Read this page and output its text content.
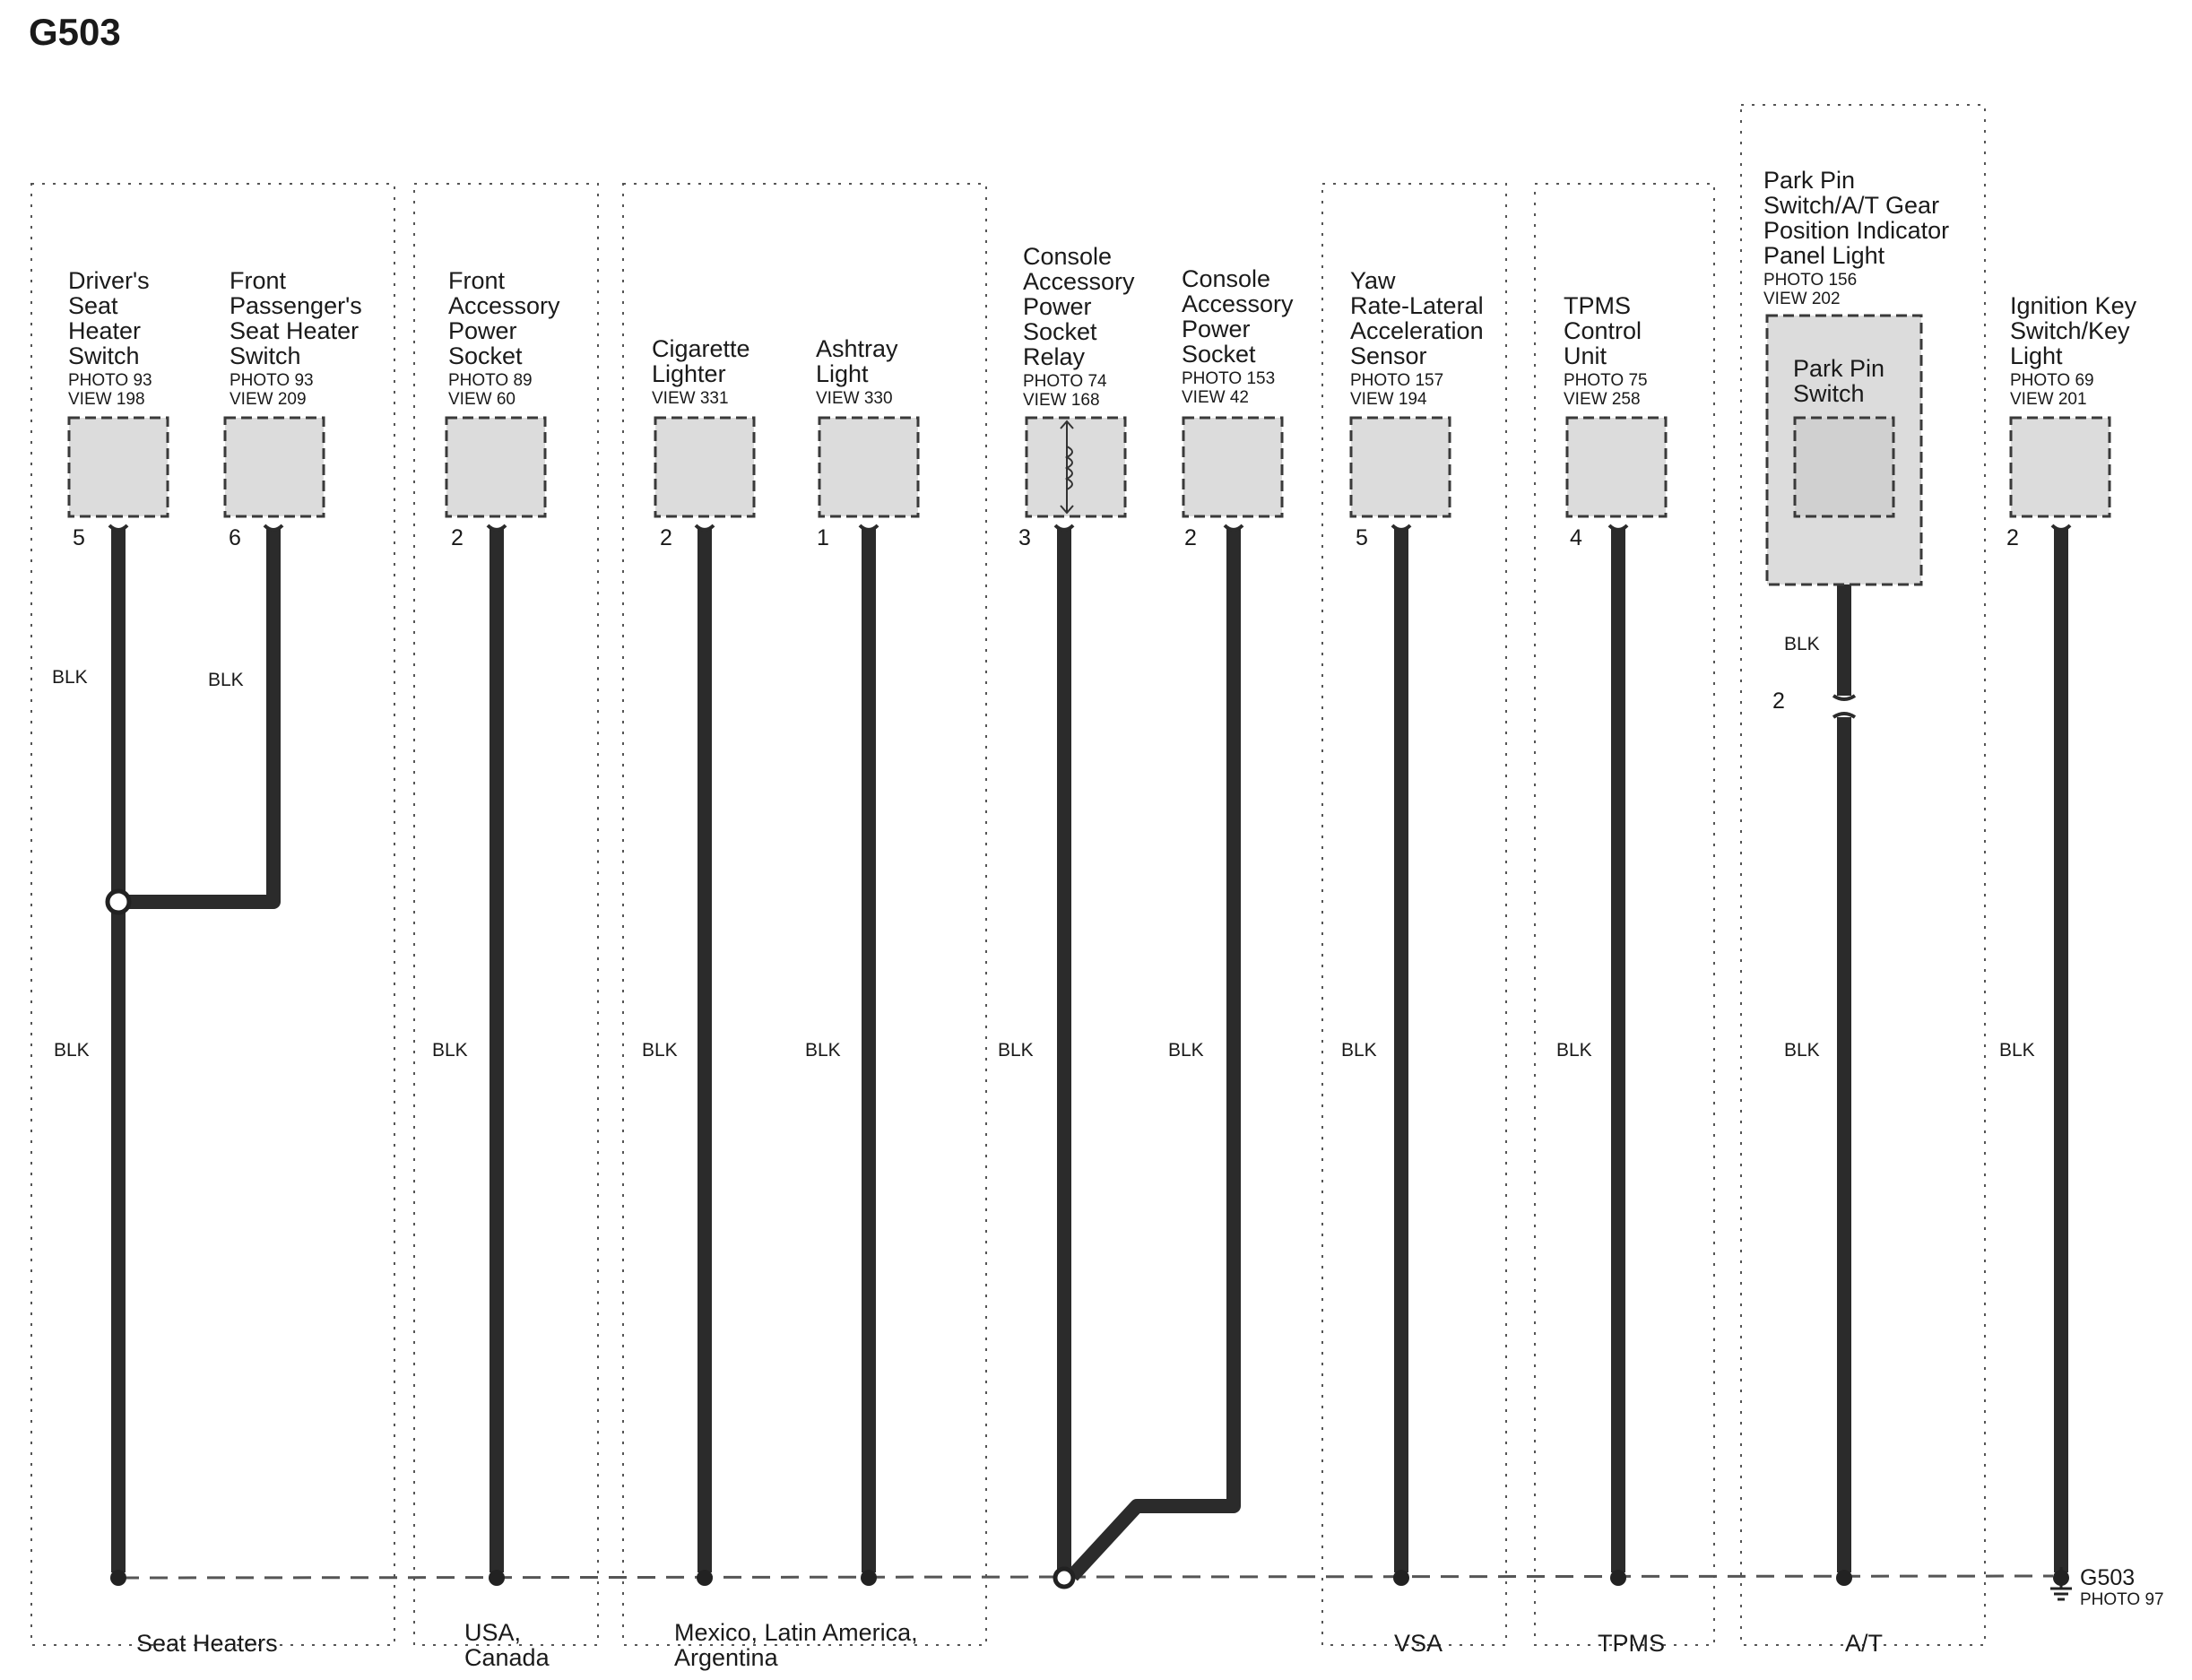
Seat Heaters	USA,
Canada
Mexico, Latin America,
Argentina
VSA	TPMS	A/T
Driver's
Seat
Heater
Switch
PHOTO 93
VIEW 198
5
BLK
BLK
Front
Passenger's
Seat Heater
Switch
PHOTO 93
VIEW 209
6
BLK
Front
Accessory
Power
Socket
PHOTO 89
VIEW 60
2
BLK
Cigarette
Lighter
VIEW 331
2
BLK
Ashtray
Light
VIEW 330
1
BLK
Console
Accessory
Power
Socket
Relay
PHOTO 74
VIEW 168
3
BLK
Console
Accessory
Power
Socket
PHOTO 153
VIEW 42
2
BLK
Yaw
Rate-Lateral
Acceleration
Sensor
PHOTO 157
VIEW 194
5
BLK
TPMS
Control
Unit
PHOTO 75
VIEW 258
4
BLK
Park Pin
Switch/A/T Gear
Position Indicator
Panel Light
PHOTO 156
VIEW 202
Park Pin
Switch
2
BLK
BLK
Ignition Key
Switch/Key
Light
PHOTO 69
VIEW 201
2
BLK
G503
PHOTO 97
G503
